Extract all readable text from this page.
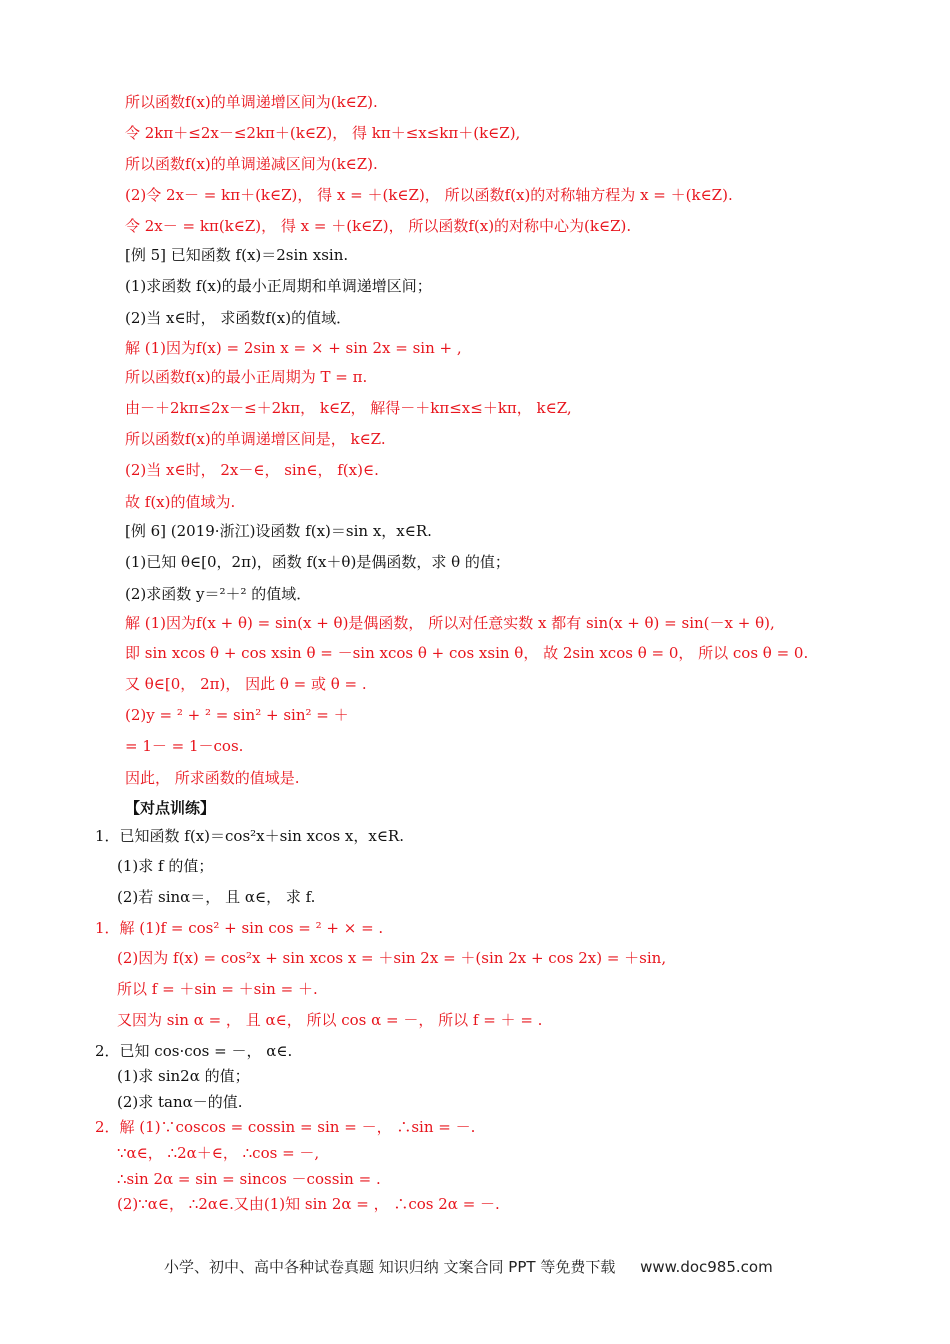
所以函数f(x)的单调递增区间为(k∈Z).
令 2kπ＋≤2x－≤2kπ＋(k∈Z)， 得 kπ＋≤x≤kπ＋(k∈Z),
所以函数f(x)的单调递减区间为(k∈Z).
(2)令 2x－ = kπ＋(k∈Z)， 得 x = ＋(k∈Z)， 所以函数f(x)的对称轴方程为 x = ＋(k∈Z).
令 2x－ = kπ(k∈Z)， 得 x = ＋(k∈Z)， 所以函数f(x)的对称中心为(k∈Z).
[例 5] 已知函数 f(x)＝2sin xsin.
(1)求函数 f(x)的最小正周期和单调递增区间；
(2)当 x∈时， 求函数f(x)的值域．
解 (1)因为f(x) = 2sin x = × + sin 2x = sin + ,
所以函数f(x)的最小正周期为 T = π.
由－＋2kπ≤2x－≤＋2kπ， k∈Z， 解得－＋kπ≤x≤＋kπ， k∈Z,
所以函数f(x)的单调递增区间是， k∈Z.
(2)当 x∈时， 2x－∈， sin∈， f(x)∈.
故 f(x)的值域为.
[例 6] (2019·浙江)设函数 f(x)＝sin x，x∈R.
(1)已知 θ∈[0，2π)，函数 f(x＋θ)是偶函数，求 θ 的值；
(2)求函数 y＝²＋² 的值域．
解 (1)因为f(x + θ) = sin(x + θ)是偶函数， 所以对任意实数 x 都有 sin(x + θ) = sin(－x + θ),
即 sin xcos θ + cos xsin θ = －sin xcos θ + cos xsin θ， 故 2sin xcos θ = 0， 所以 cos θ = 0.
又 θ∈[0， 2π)， 因此 θ = 或 θ = .
(2)y = ² + ² = sin² + sin² = ＋
= 1－ = 1－cos.
因此， 所求函数的值域是.
【对点训练】
1．已知函数 f(x)＝cos²x＋sin xcos x，x∈R.
(1)求 f 的值；
(2)若 sinα＝， 且 α∈， 求 f.
1．解 (1)f = cos² + sin cos = ² + × = .
(2)因为 f(x) = cos²x + sin xcos x = ＋sin 2x = ＋(sin 2x + cos 2x) = ＋sin,
所以 f = ＋sin = ＋sin = ＋.
又因为 sin α = ， 且 α∈， 所以 cos α = －， 所以 f = ＋ = .
2．已知 cos·cos = －， α∈.
(1)求 sin2α 的值；
(2)求 tanα－的值.
2．解 (1)∵coscos = cossin = sin = －， ∴sin = －.
∵α∈， ∴2α＋∈， ∴cos = －,
∴sin 2α = sin = sincos －cossin = .
(2)∵α∈， ∴2α∈.又由(1)知 sin 2α = ， ∴cos 2α = －.
小学、初中、高中各种试卷真题 知识归纳 文案合同 PPT 等免费下载 www.doc985.com
